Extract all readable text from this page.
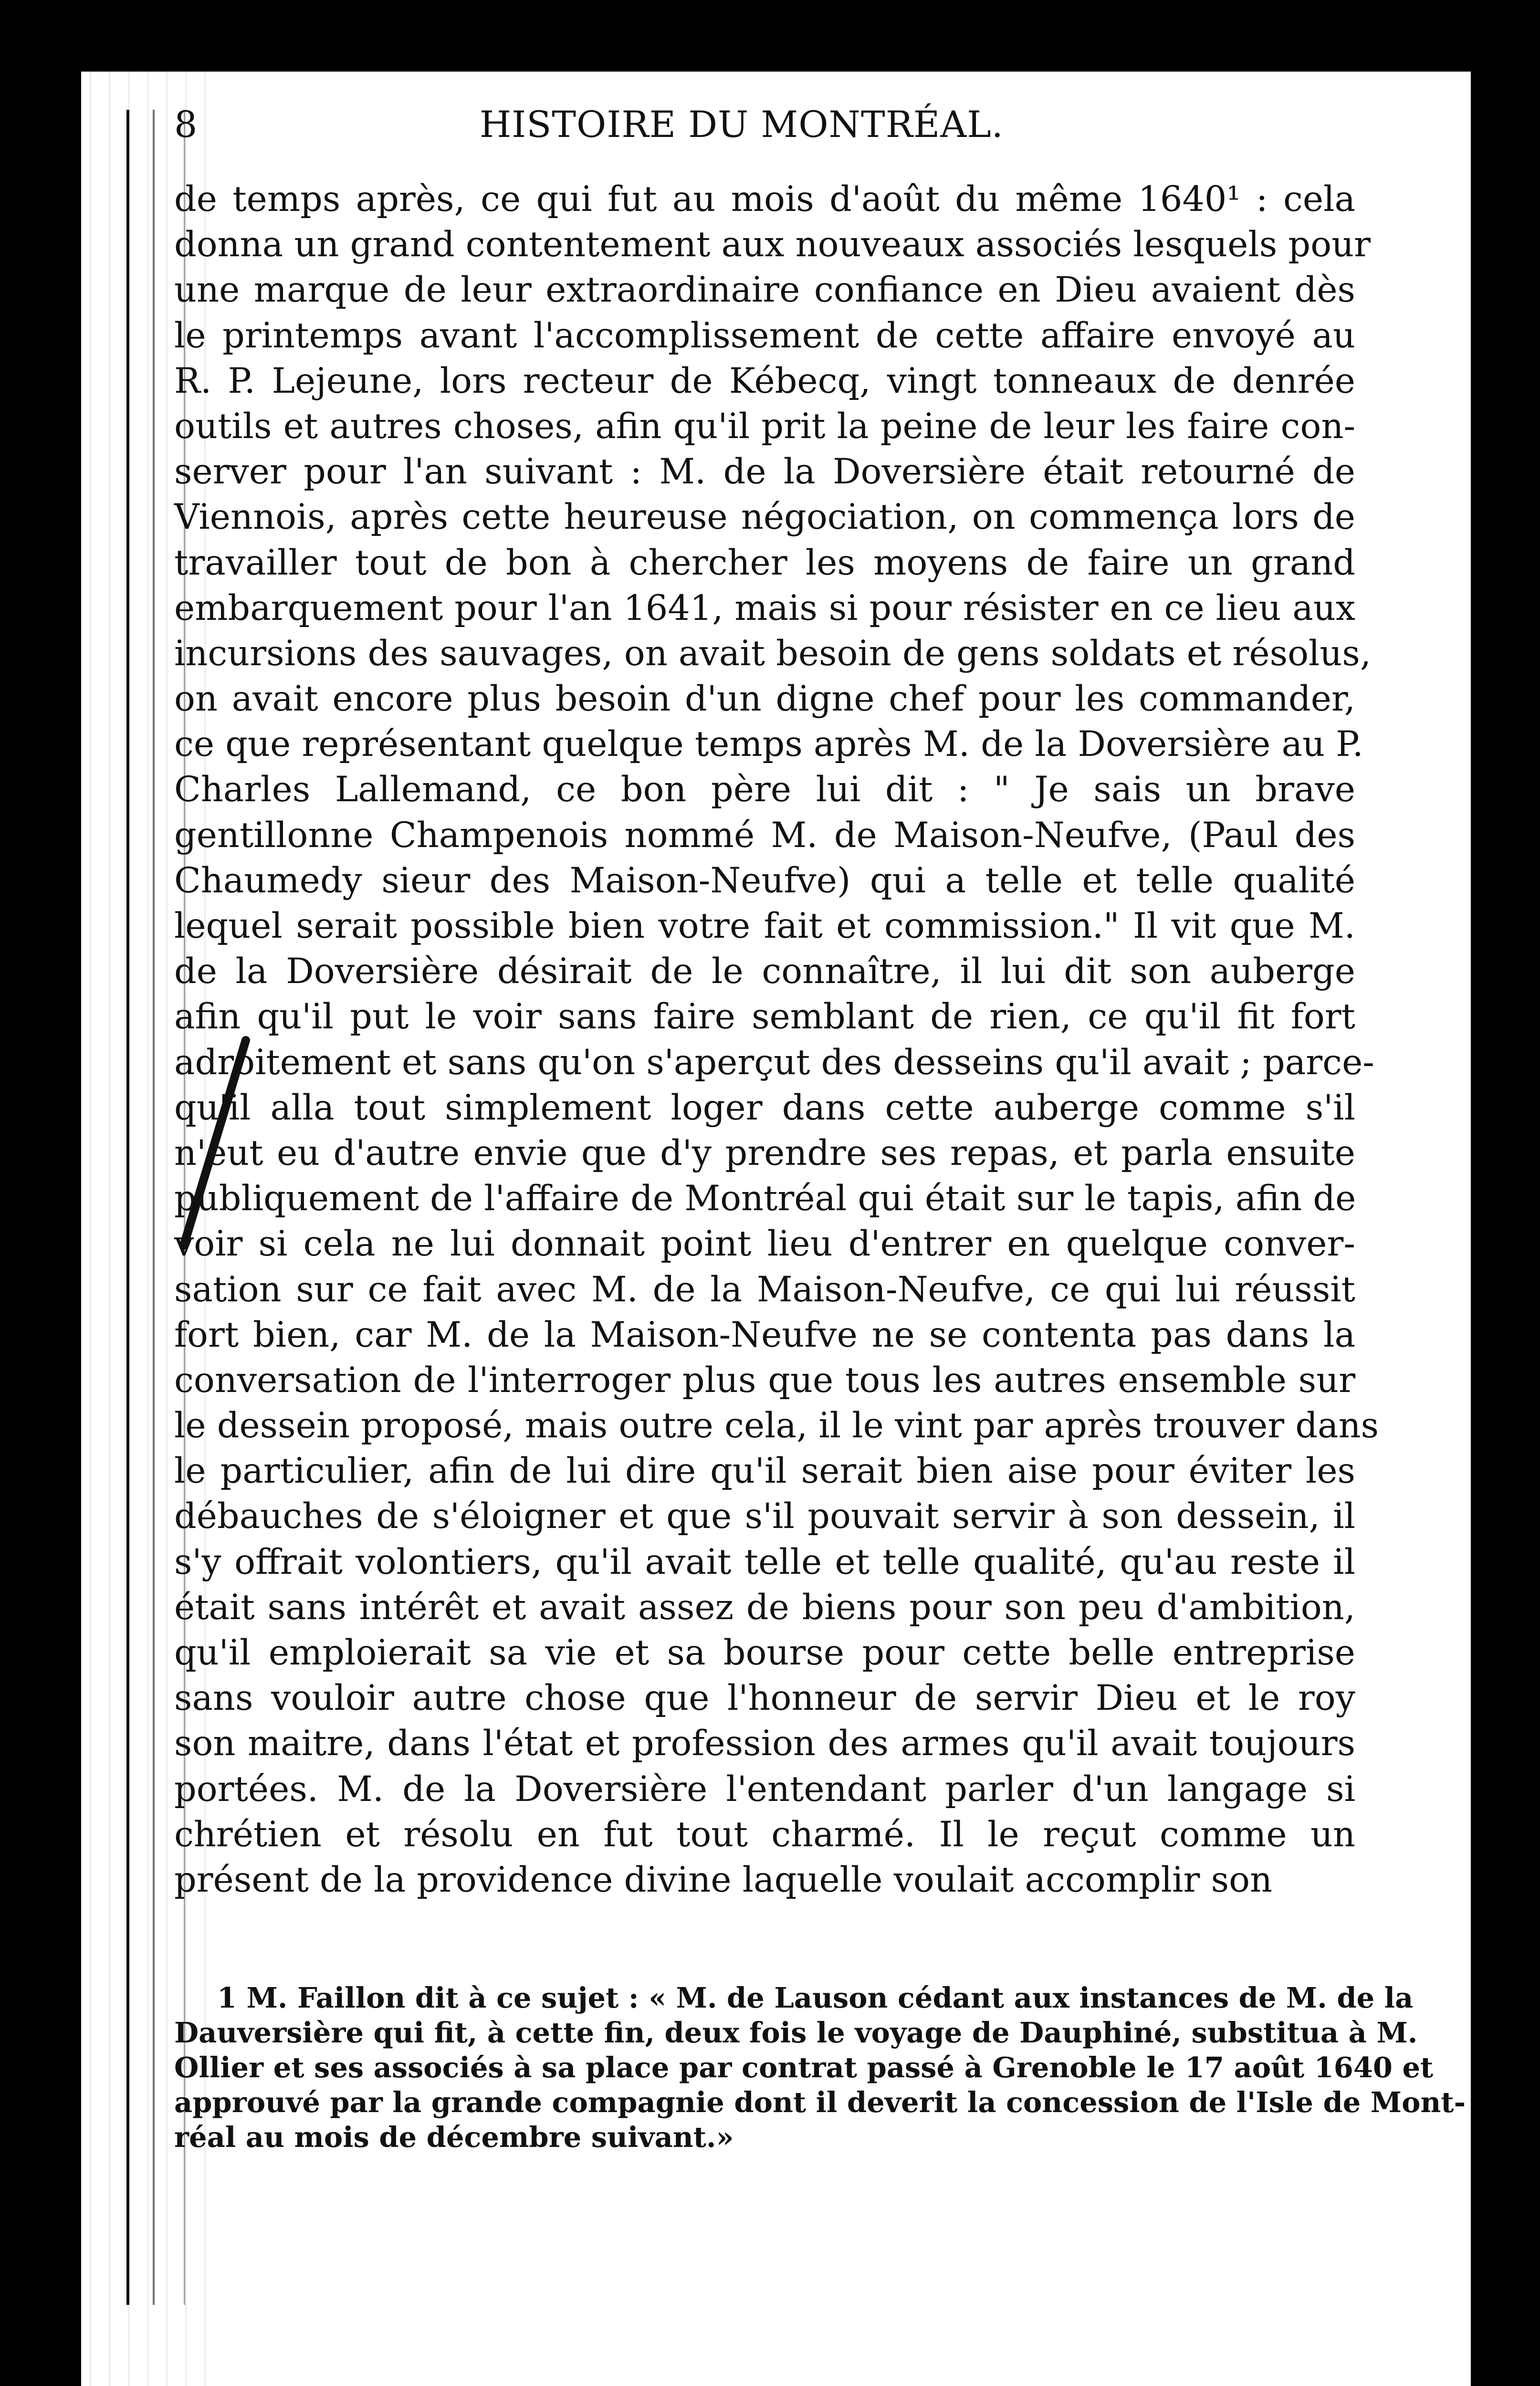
8	HISTOIRE DU MONTRÉAL.
de temps après, ce qui fut au mois d'août du même 1640¹ : cela
donna un grand contentement aux nouveaux associés lesquels pour
une marque de leur extraordinaire confiance en Dieu avaient dès
le printemps avant l'accomplissement de cette affaire envoyé au
R. P. Lejeune, lors recteur de Kébecq, vingt tonneaux de denrée
outils et autres choses, afin qu'il prit la peine de leur les faire con-
server pour l'an suivant : M. de la Doversière était retourné de
Viennois, après cette heureuse négociation, on commença lors de
travailler tout de bon à chercher les moyens de faire un grand
embarquement pour l'an 1641, mais si pour résister en ce lieu aux
incursions des sauvages, on avait besoin de gens soldats et résolus,
on avait encore plus besoin d'un digne chef pour les commander,
ce que représentant quelque temps après M. de la Doversière au P.
Charles Lallemand, ce bon père lui dit : " Je sais un brave
gentillonne Champenois nommé M. de Maison-Neufve, (Paul des
Chaumedy sieur des Maison-Neufve) qui a telle et telle qualité
lequel serait possible bien votre fait et commission." Il vit que M.
de la Doversière désirait de le connaître, il lui dit son auberge
afin qu'il put le voir sans faire semblant de rien, ce qu'il fit fort
adroitement et sans qu'on s'aperçut des desseins qu'il avait ; parce-
qu'il alla tout simplement loger dans cette auberge comme s'il
n'eut eu d'autre envie que d'y prendre ses repas, et parla ensuite
publiquement de l'affaire de Montréal qui était sur le tapis, afin de
voir si cela ne lui donnait point lieu d'entrer en quelque conver-
sation sur ce fait avec M. de la Maison-Neufve, ce qui lui réussit
fort bien, car M. de la Maison-Neufve ne se contenta pas dans la
conversation de l'interroger plus que tous les autres ensemble sur
le dessein proposé, mais outre cela, il le vint par après trouver dans
le particulier, afin de lui dire qu'il serait bien aise pour éviter les
débauches de s'éloigner et que s'il pouvait servir à son dessein, il
s'y offrait volontiers, qu'il avait telle et telle qualité, qu'au reste il
était sans intérêt et avait assez de biens pour son peu d'ambition,
qu'il emploierait sa vie et sa bourse pour cette belle entreprise
sans vouloir autre chose que l'honneur de servir Dieu et le roy
son maitre, dans l'état et profession des armes qu'il avait toujours
portées. M. de la Doversière l'entendant parler d'un langage si
chrétien et résolu en fut tout charmé. Il le reçut comme un
présent de la providence divine laquelle voulait accomplir son
1 M. Faillon dit à ce sujet : « M. de Lauson cédant aux instances de M. de la
Dauversière qui fit, à cette fin, deux fois le voyage de Dauphiné, substitua à M.
Ollier et ses associés à sa place par contrat passé à Grenoble le 17 août 1640 et
approuvé par la grande compagnie dont il deverit la concession de l'Isle de Mont-
réal au mois de décembre suivant.»
